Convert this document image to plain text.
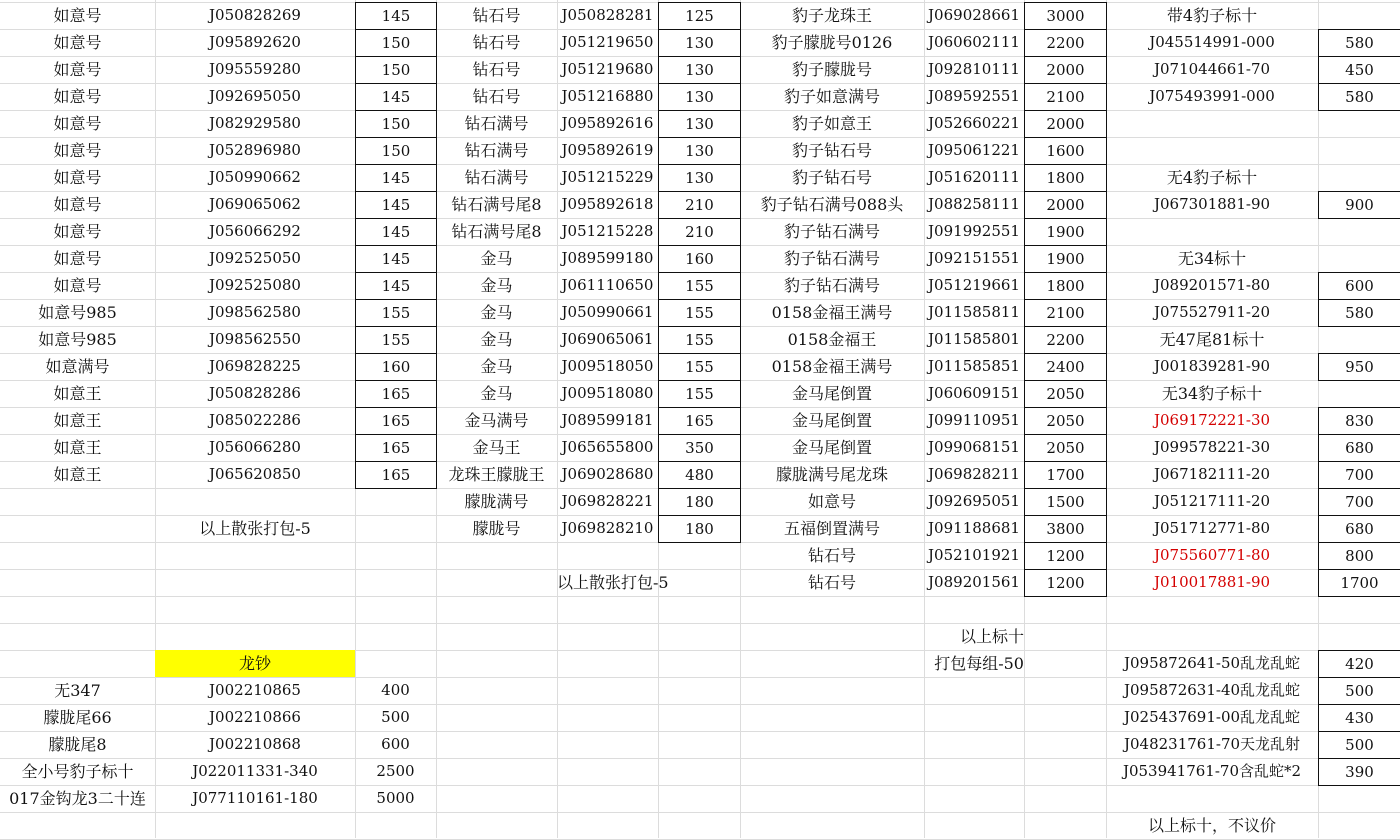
如意号	J050828269	145
如意号	J095892620	150
如意号	J095559280	150
如意号	J092695050	145
如意号	J082929580	150
如意号	J052896980	150
如意号	J050990662	145
如意号	J069065062	145
如意号	J056066292	145
如意号	J092525050	145
如意号	J092525080	145
如意号985	J098562580	155
如意号985	J098562550	155
如意满号	J069828225	160
如意王	J050828286	165
如意王	J085022286	165
如意王	J056066280	165
如意王	J065620850	165
钻石号	J050828281	125
钻石号	J051219650	130
钻石号	J051219680	130
钻石号	J051216880	130
钻石满号	J095892616	130
钻石满号	J095892619	130
钻石满号	J051215229	130
钻石满号尾8	J095892618	210
钻石满号尾8	J051215228	210
金马	J089599180	160
金马	J061110650	155
金马	J050990661	155
金马	J069065061	155
金马	J009518050	155
金马	J009518080	155
金马满号	J089599181	165
金马王	J065655800	350
龙珠王朦胧王	J069028680	480
朦胧满号	J069828221	180
朦胧号	J069828210	180
豹子龙珠王	J069028661	3000
豹子朦胧号0126	J060602111	2200
豹子朦胧号	J092810111	2000
豹子如意满号	J089592551	2100
豹子如意王	J052660221	2000
豹子钻石号	J095061221	1600
豹子钻石号	J051620111	1800
豹子钻石满号088头	J088258111	2000
豹子钻石满号	J091992551	1900
豹子钻石满号	J092151551	1900
豹子钻石满号	J051219661	1800
0158金福王满号	J011585811	2100
0158金福王	J011585801	2200
0158金福王满号	J011585851	2400
金马尾倒置	J060609151	2050
金马尾倒置	J099110951	2050
金马尾倒置	J099068151	2050
朦胧满号尾龙珠	J069828211	1700
如意号	J092695051	1500
五福倒置满号	J091188681	3800
钻石号	J052101921	1200
钻石号	J089201561	1200
带4豹子标十
J045514991-000	580
J071044661-70	450
J075493991-000	580
无4豹子标十
J067301881-90	900
无34标十
J089201571-80	600
J075527911-20	580
无47尾81标十
J001839281-90	950
无34豹子标十
J069172221-30	830
J099578221-30	680
J067182111-20	700
J051217111-20	700
J051712771-80	680
J075560771-80	800
J010017881-90	1700
以上散张打包-5
以上散张打包-5
以上标十
打包每组-50
龙钞
无347	J002210865	400
朦胧尾66	J002210866	500
朦胧尾8	J002210868	600
全小号豹子标十	J022011331-340	2500
017金钩龙3二十连	J077110161-180	5000
J095872641-50乱龙乱蛇	420
J095872631-40乱龙乱蛇	500
J025437691-00乱龙乱蛇	430
J048231761-70天龙乱射	500
J053941761-70含乱蛇*2	390
以上标十，不议价
